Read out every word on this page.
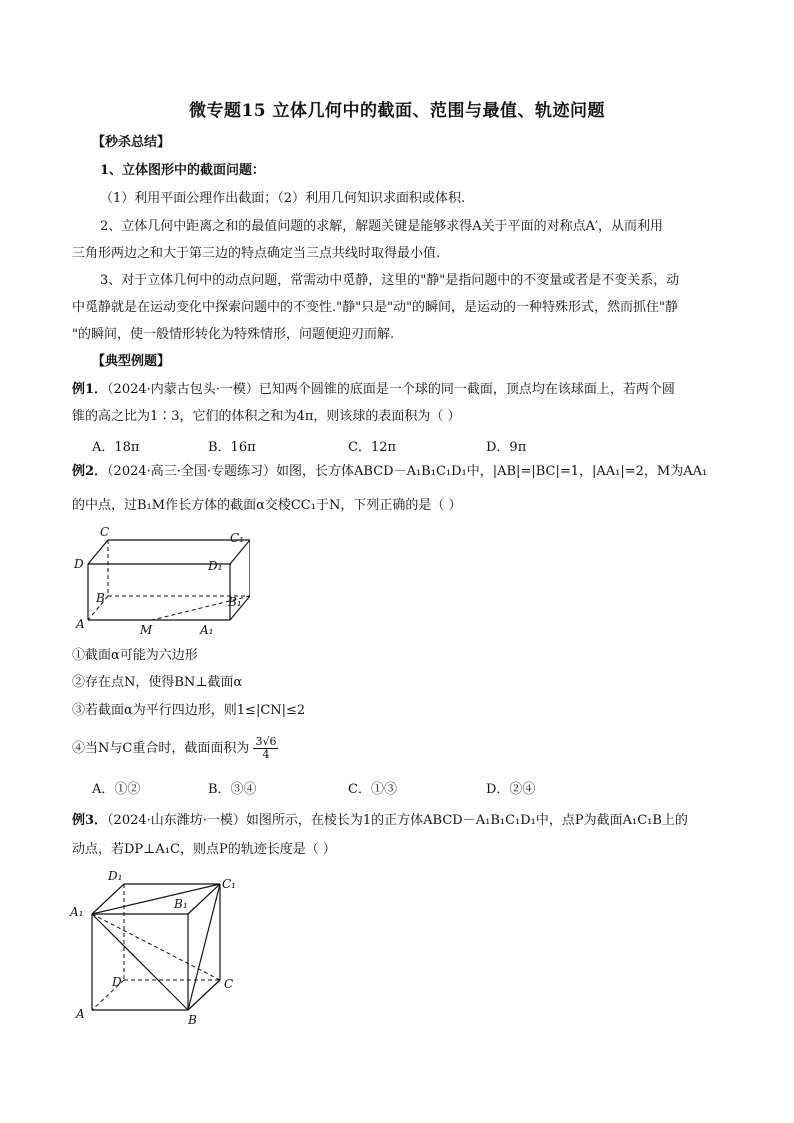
微专题15 立体几何中的截面、范围与最值、轨迹问题
【秒杀总结】
1、立体图形中的截面问题：
（1）利用平面公理作出截面；（2）利用几何知识求面积或体积.
2、立体几何中距离之和的最值问题的求解，解题关键是能够求得A关于平面的对称点A′，从而利用
三角形两边之和大于第三边的特点确定当三点共线时取得最小值.
3、对于立体几何中的动点问题，常需动中觅静，这里的"静"是指问题中的不变量或者是不变关系，动
中觅静就是在运动变化中探索问题中的不变性."静"只是"动"的瞬间，是运动的一种特殊形式，然而抓住"静
"的瞬间，使一般情形转化为特殊情形，问题便迎刃而解.
【典型例题】
例1．（2024·内蒙古包头·一模）已知两个圆锥的底面是一个球的同一截面，顶点均在该球面上，若两个圆
锥的高之比为1∶3，它们的体积之和为4π，则该球的表面积为（ ）
A．18π	B．16π	C．12π	D．9π
例2．（2024·高三·全国·专题练习）如图，长方体ABCD－A₁B₁C₁D₁中，|AB|=|BC|=1，|AA₁|=2，M为AA₁
的中点，过B₁M作长方体的截面α交棱CC₁于N，下列正确的是（ ）
C	C₁
D	D₁
B	B₁
A	M	A₁
①截面α可能为六边形
②存在点N，使得BN⊥截面α
③若截面α为平行四边形，则1≤|CN|≤2
④当N与C重合时，截面面积为 $\frac{3√6}{4}$
A．①②	B．③④	C．①③	D．②④
例3．（2024·山东潍坊·一模）如图所示，在棱长为1的正方体ABCD－A₁B₁C₁D₁中，点P为截面A₁C₁B上的
动点，若DP⊥A₁C，则点P的轨迹长度是（ ）
D₁
C₁
A₁
B₁
D	C
A	B
